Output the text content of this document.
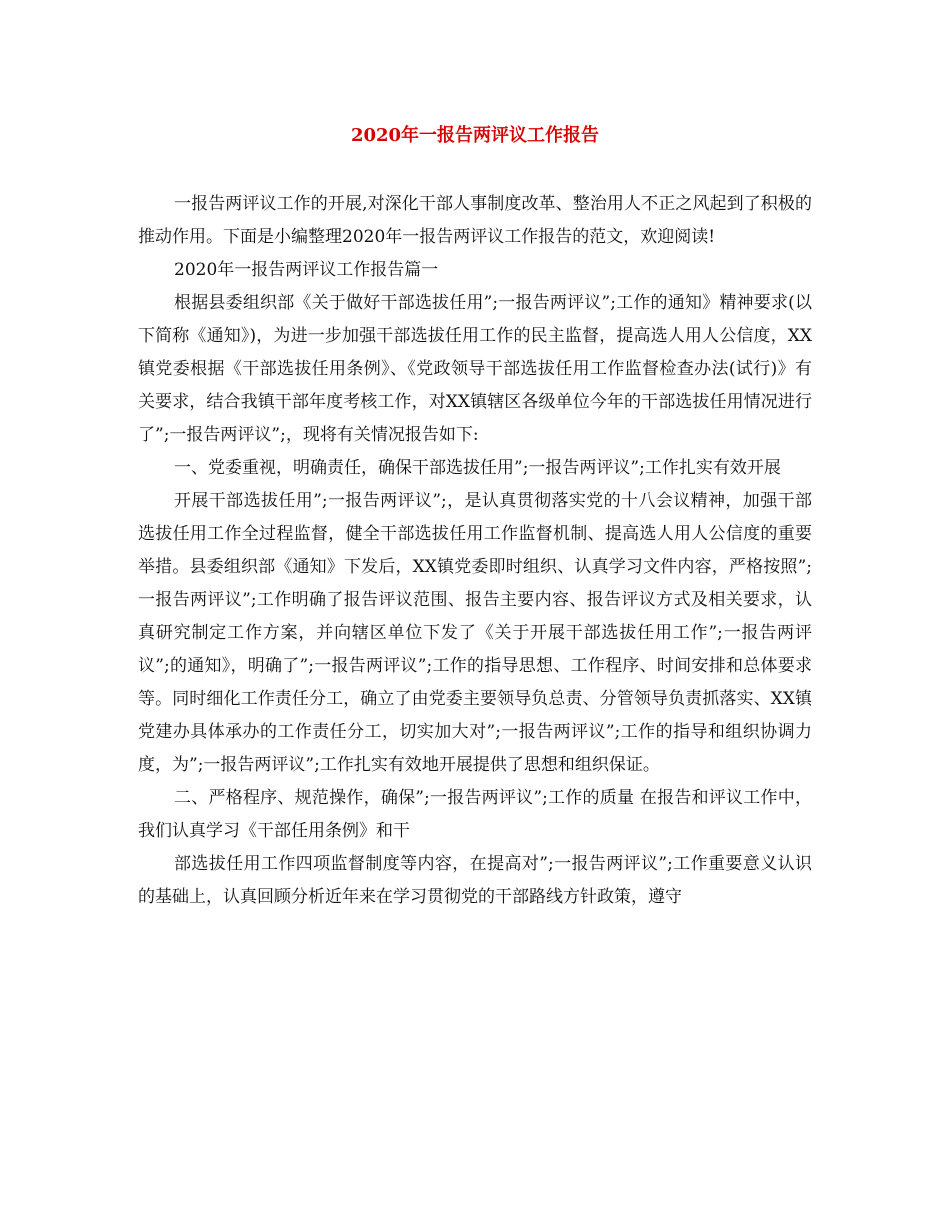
2020年一报告两评议工作报告

一报告两评议工作的开展,对深化干部人事制度改革、整治用人不正之风起到了积极的推动作用。下面是小编整理2020年一报告两评议工作报告的范文，欢迎阅读!

2020年一报告两评议工作报告篇一

根据县委组织部《关于做好干部选拔任用”;一报告两评议”;工作的通知》精神要求(以下简称《通知》)，为进一步加强干部选拔任用工作的民主监督，提高选人用人公信度，XX镇党委根据《干部选拔任用条例》、《党政领导干部选拔任用工作监督检查办法(试行)》有关要求，结合我镇干部年度考核工作，对XX镇辖区各级单位今年的干部选拔任用情况进行了”;一报告两评议”;，现将有关情况报告如下:

一、党委重视，明确责任，确保干部选拔任用”;一报告两评议”;工作扎实有效开展

开展干部选拔任用”;一报告两评议”;，是认真贯彻落实党的十八会议精神，加强干部选拔任用工作全过程监督，健全干部选拔任用工作监督机制、提高选人用人公信度的重要举措。县委组织部《通知》下发后，XX镇党委即时组织、认真学习文件内容，严格按照”;一报告两评议”;工作明确了报告评议范围、报告主要内容、报告评议方式及相关要求，认真研究制定工作方案，并向辖区单位下发了《关于开展干部选拔任用工作”;一报告两评议”;的通知》，明确了”;一报告两评议”;工作的指导思想、工作程序、时间安排和总体要求等。同时细化工作责任分工，确立了由党委主要领导负总责、分管领导负责抓落实、XX镇党建办具体承办的工作责任分工，切实加大对”;一报告两评议”;工作的指导和组织协调力度，为”;一报告两评议”;工作扎实有效地开展提供了思想和组织保证。

二、严格程序、规范操作，确保”;一报告两评议”;工作的质量 在报告和评议工作中，我们认真学习《干部任用条例》和干

部选拔任用工作四项监督制度等内容，在提高对”;一报告两评议”;工作重要意义认识的基础上，认真回顾分析近年来在学习贯彻党的干部路线方针政策，遵守
